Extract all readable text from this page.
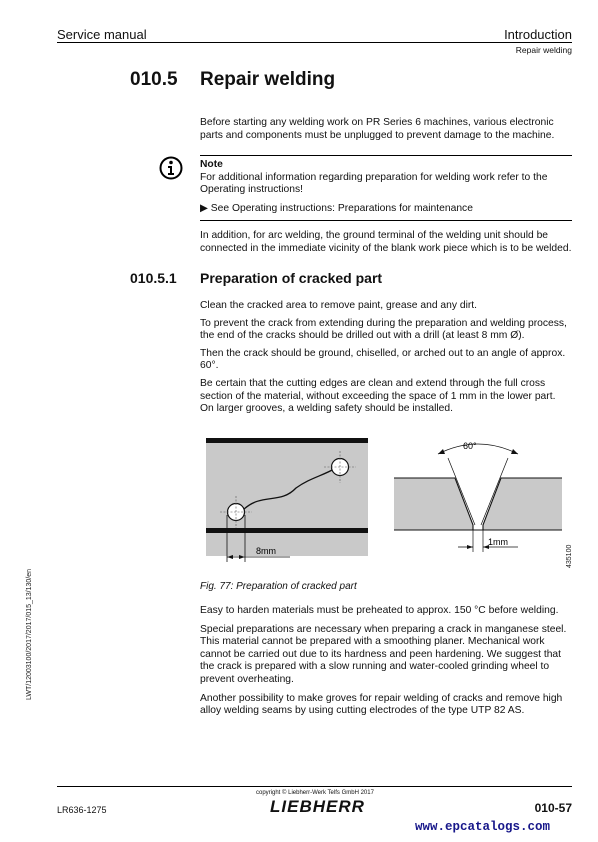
Service manual	Introduction
Repair welding
010.5 Repair welding

Before starting any welding work on PR Series 6 machines, various electronic parts and components must be unplugged to prevent damage to the machine.

Note

For additional information regarding preparation for welding work refer to the Operating instructions!

▶ See Operating instructions: Preparations for maintenance

In addition, for arc welding, the ground terminal of the welding unit should be connected in the immediate vicinity of the blank work piece which is to be welded.

010.5.1 Preparation of cracked part

Clean the cracked area to remove paint, grease and any dirt.

To prevent the crack from extending during the preparation and welding process, the end of the cracks should be drilled out with a drill (at least 8 mm Ø).

Then the crack should be ground, chiselled, or arched out to an angle of approx. 60°.

Be certain that the cutting edges are clean and extend through the full cross section of the material, without exceeding the space of 1 mm in the lower part. On larger grooves, a welding safety should be installed.

8mm
60°
1mm
435100
Fig. 77: Preparation of cracked part

Easy to harden materials must be preheated to approx. 150 °C before welding.

Special preparations are necessary when preparing a crack in manganese steel. This material cannot be prepared with a smoothing planer. Mechanical work cannot be carried out due to its hardness and peen hardening. We suggest that the crack is prepared with a slow running and water-cooled grinding wheel to prevent overheating.

Another possibility to make groves for repair welding of cracks and remove high alloy welding seams by using cutting electrodes of the type UTP 82 AS.

LWT/12003100/2017/2017/015_13/130/en
copyright © Liebherr-Werk Telfs GmbH 2017
LR636-1275	LIEBHERR	010-57
www.epcatalogs.com
